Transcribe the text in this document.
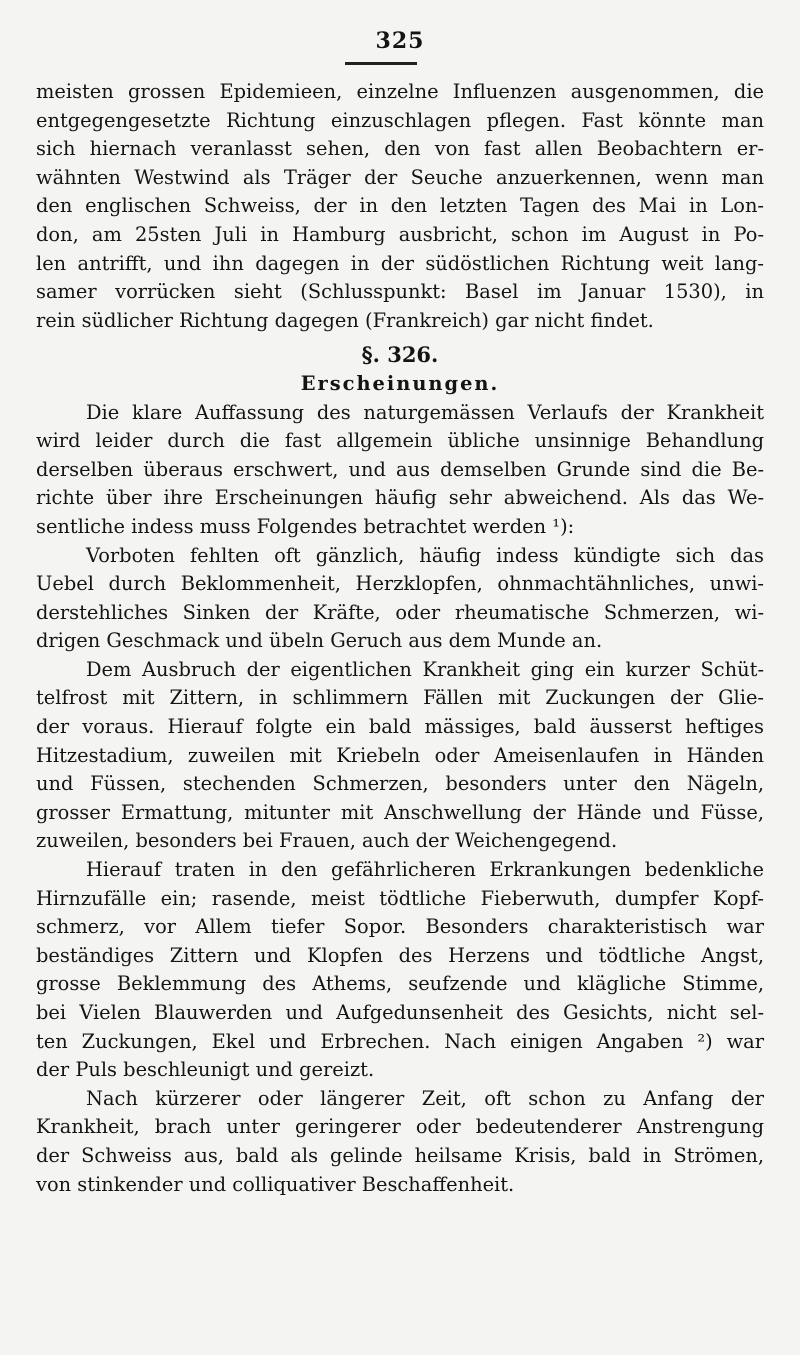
325
meisten grossen Epidemieen, einzelne Influenzen ausgenommen, die
entgegengesetzte Richtung einzuschlagen pflegen. Fast könnte man
sich hiernach veranlasst sehen, den von fast allen Beobachtern er-
wähnten Westwind als Träger der Seuche anzuerkennen, wenn man
den englischen Schweiss, der in den letzten Tagen des Mai in Lon-
don, am 25sten Juli in Hamburg ausbricht, schon im August in Po-
len antrifft, und ihn dagegen in der südöstlichen Richtung weit lang-
samer vorrücken sieht (Schlusspunkt: Basel im Januar 1530), in
rein südlicher Richtung dagegen (Frankreich) gar nicht findet.
§. 326.
Erscheinungen.
Die klare Auffassung des naturgemässen Verlaufs der Krankheit
wird leider durch die fast allgemein übliche unsinnige Behandlung
derselben überaus erschwert, und aus demselben Grunde sind die Be-
richte über ihre Erscheinungen häufig sehr abweichend. Als das We-
sentliche indess muss Folgendes betrachtet werden ¹):
Vorboten fehlten oft gänzlich, häufig indess kündigte sich das
Uebel durch Beklommenheit, Herzklopfen, ohnmachtähnliches, unwi-
derstehliches Sinken der Kräfte, oder rheumatische Schmerzen, wi-
drigen Geschmack und übeln Geruch aus dem Munde an.
Dem Ausbruch der eigentlichen Krankheit ging ein kurzer Schüt-
telfrost mit Zittern, in schlimmern Fällen mit Zuckungen der Glie-
der voraus. Hierauf folgte ein bald mässiges, bald äusserst heftiges
Hitzestadium, zuweilen mit Kriebeln oder Ameisenlaufen in Händen
und Füssen, stechenden Schmerzen, besonders unter den Nägeln,
grosser Ermattung, mitunter mit Anschwellung der Hände und Füsse,
zuweilen, besonders bei Frauen, auch der Weichengegend.
Hierauf traten in den gefährlicheren Erkrankungen bedenkliche
Hirnzufälle ein; rasende, meist tödtliche Fieberwuth, dumpfer Kopf-
schmerz, vor Allem tiefer Sopor. Besonders charakteristisch war
beständiges Zittern und Klopfen des Herzens und tödtliche Angst,
grosse Beklemmung des Athems, seufzende und klägliche Stimme,
bei Vielen Blauwerden und Aufgedunsenheit des Gesichts, nicht sel-
ten Zuckungen, Ekel und Erbrechen. Nach einigen Angaben ²) war
der Puls beschleunigt und gereizt.
Nach kürzerer oder längerer Zeit, oft schon zu Anfang der
Krankheit, brach unter geringerer oder bedeutenderer Anstrengung
der Schweiss aus, bald als gelinde heilsame Krisis, bald in Strömen,
von stinkender und colliquativer Beschaffenheit.
